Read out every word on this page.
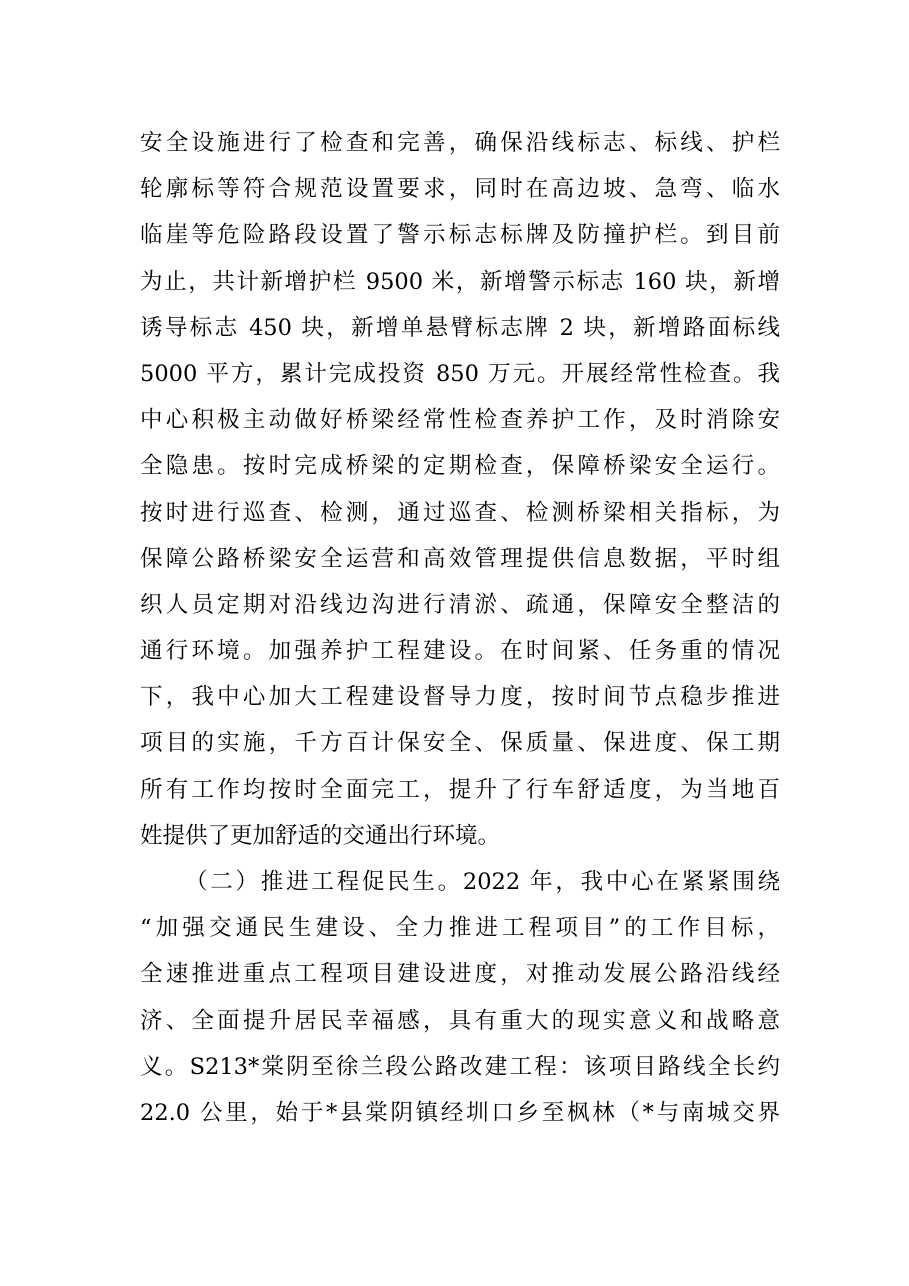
安全设施进行了检查和完善，确保沿线标志、标线、护栏
轮廓标等符合规范设置要求，同时在高边坡、急弯、临水
临崖等危险路段设置了警示标志标牌及防撞护栏。到目前
为止，共计新增护栏 9500 米，新增警示标志 160 块，新增
诱导标志 450 块，新增单悬臂标志牌 2 块，新增路面标线
5000 平方，累计完成投资 850 万元。开展经常性检查。我
中心积极主动做好桥梁经常性检查养护工作，及时消除安
全隐患。按时完成桥梁的定期检查，保障桥梁安全运行。
按时进行巡查、检测，通过巡查、检测桥梁相关指标，为
保障公路桥梁安全运营和高效管理提供信息数据，平时组
织人员定期对沿线边沟进行清淤、疏通，保障安全整洁的
通行环境。加强养护工程建设。在时间紧、任务重的情况
下，我中心加大工程建设督导力度，按时间节点稳步推进
项目的实施，千方百计保安全、保质量、保进度、保工期
所有工作均按时全面完工，提升了行车舒适度，为当地百
姓提供了更加舒适的交通出行环境。
（二）推进工程促民生。2022 年，我中心在紧紧围绕
“加强交通民生建设、全力推进工程项目”的工作目标，
全速推进重点工程项目建设进度，对推动发展公路沿线经
济、全面提升居民幸福感，具有重大的现实意义和战略意
义。S213*棠阴至徐兰段公路改建工程：该项目路线全长约
22.0 公里，始于*县棠阴镇经圳口乡至枫林（*与南城交界
